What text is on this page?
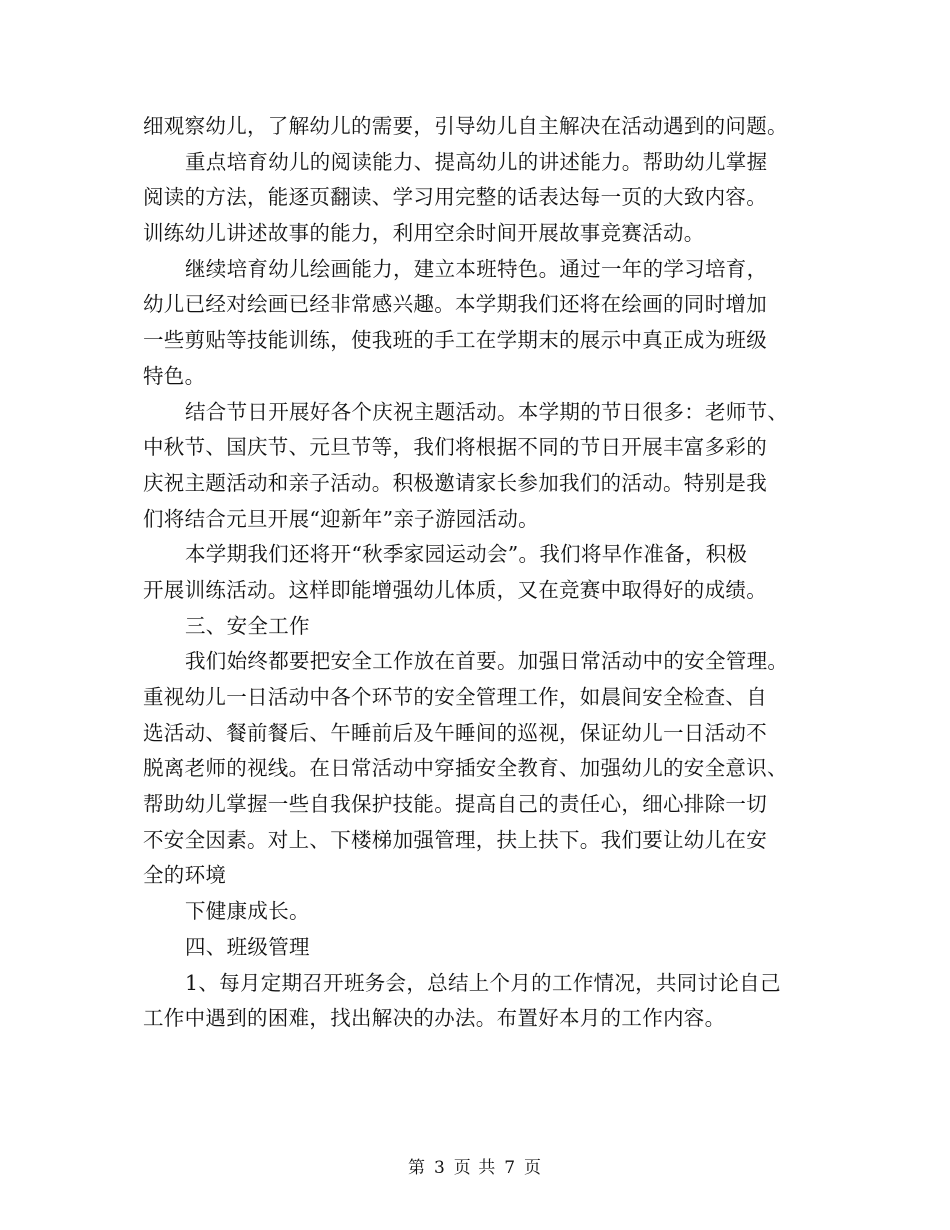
细观察幼儿，了解幼儿的需要，引导幼儿自主解决在活动遇到的问题。
重点培育幼儿的阅读能力、提高幼儿的讲述能力。帮助幼儿掌握
阅读的方法，能逐页翻读、学习用完整的话表达每一页的大致内容。
训练幼儿讲述故事的能力，利用空余时间开展故事竞赛活动。
继续培育幼儿绘画能力，建立本班特色。通过一年的学习培育，
幼儿已经对绘画已经非常感兴趣。本学期我们还将在绘画的同时增加
一些剪贴等技能训练，使我班的手工在学期末的展示中真正成为班级
特色。
结合节日开展好各个庆祝主题活动。本学期的节日很多：老师节、
中秋节、国庆节、元旦节等，我们将根据不同的节日开展丰富多彩的
庆祝主题活动和亲子活动。积极邀请家长参加我们的活动。特别是我
们将结合元旦开展“迎新年”亲子游园活动。
本学期我们还将开“秋季家园运动会”。我们将早作准备，积极
开展训练活动。这样即能增强幼儿体质，又在竞赛中取得好的成绩。
三、安全工作
我们始终都要把安全工作放在首要。加强日常活动中的安全管理。
重视幼儿一日活动中各个环节的安全管理工作，如晨间安全检查、自
选活动、餐前餐后、午睡前后及午睡间的巡视，保证幼儿一日活动不
脱离老师的视线。在日常活动中穿插安全教育、加强幼儿的安全意识、
帮助幼儿掌握一些自我保护技能。提高自己的责任心，细心排除一切
不安全因素。对上、下楼梯加强管理，扶上扶下。我们要让幼儿在安
全的环境
下健康成长。
四、班级管理
1、每月定期召开班务会，总结上个月的工作情况，共同讨论自己
工作中遇到的困难，找出解决的办法。布置好本月的工作内容。
第 3 页 共 7 页
